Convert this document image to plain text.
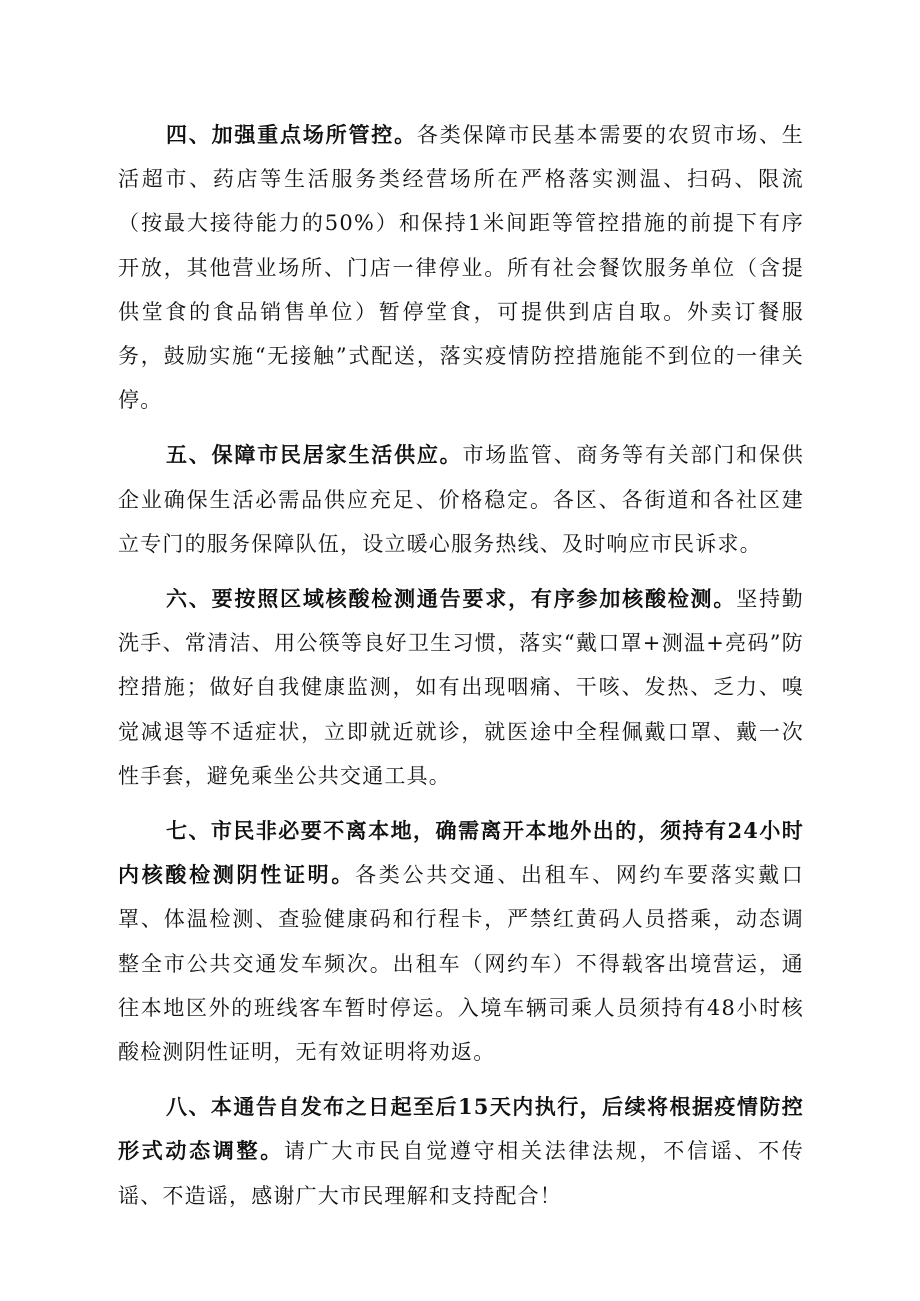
四、加强重点场所管控。各类保障市民基本需要的农贸市场、生活超市、药店等生活服务类经营场所在严格落实测温、扫码、限流（按最大接待能力的50%）和保持1米间距等管控措施的前提下有序开放，其他营业场所、门店一律停业。所有社会餐饮服务单位（含提供堂食的食品销售单位）暂停堂食，可提供到店自取。外卖订餐服务，鼓励实施“无接触”式配送，落实疫情防控措施能不到位的一律关停。

五、保障市民居家生活供应。市场监管、商务等有关部门和保供企业确保生活必需品供应充足、价格稳定。各区、各街道和各社区建立专门的服务保障队伍，设立暖心服务热线、及时响应市民诉求。

六、要按照区域核酸检测通告要求，有序参加核酸检测。坚持勤洗手、常清洁、用公筷等良好卫生习惯，落实“戴口罩+测温+亮码”防控措施；做好自我健康监测，如有出现咽痛、干咳、发热、乏力、嗅觉减退等不适症状，立即就近就诊，就医途中全程佩戴口罩、戴一次性手套，避免乘坐公共交通工具。

七、市民非必要不离本地，确需离开本地外出的，须持有24小时内核酸检测阴性证明。各类公共交通、出租车、网约车要落实戴口罩、体温检测、查验健康码和行程卡，严禁红黄码人员搭乘，动态调整全市公共交通发车频次。出租车（网约车）不得载客出境营运，通往本地区外的班线客车暂时停运。入境车辆司乘人员须持有48小时核酸检测阴性证明，无有效证明将劝返。

八、本通告自发布之日起至后15天内执行，后续将根据疫情防控形式动态调整。请广大市民自觉遵守相关法律法规，不信谣、不传谣、不造谣，感谢广大市民理解和支持配合！
